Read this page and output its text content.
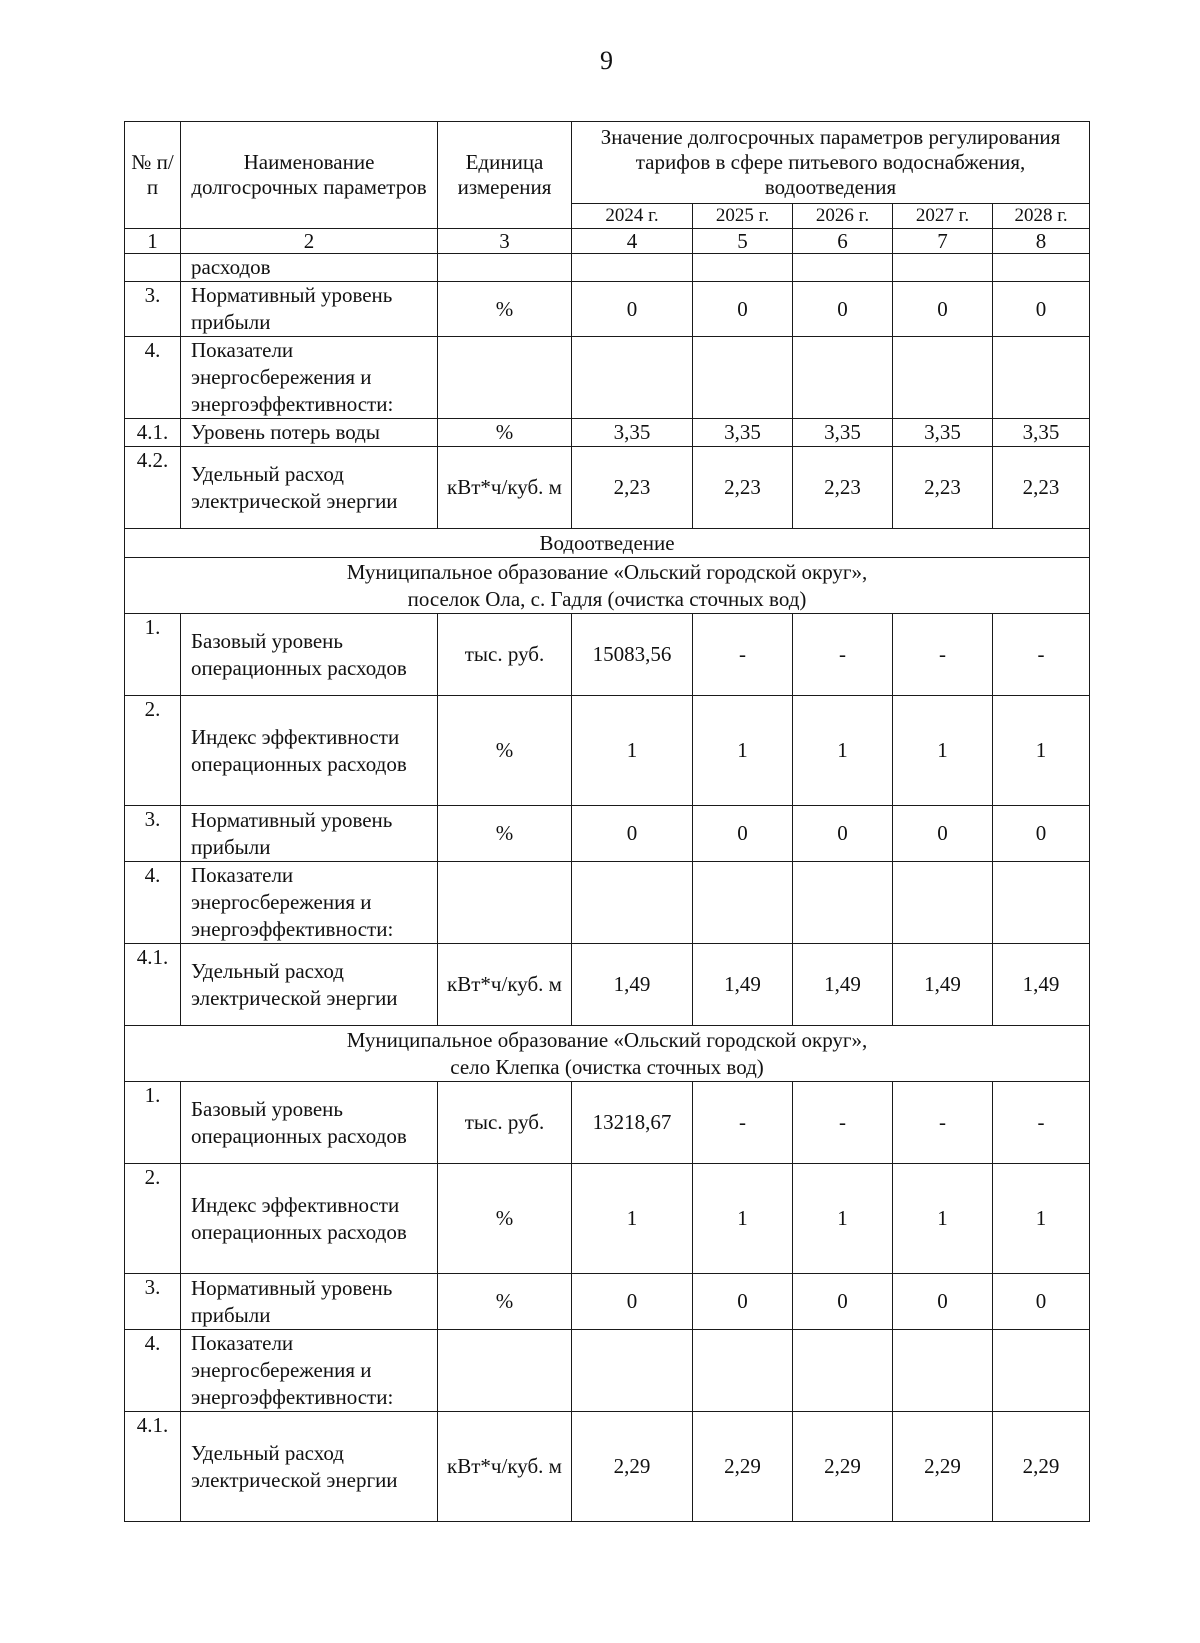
9
№ п/п	Наименование долгосрочных параметров	Единица измерения	Значение долгосрочных параметров регулирования тарифов в сфере питьевого водоснабжения, водоотведения				
			2024 г.	2025 г.	2026 г.	2027 г.	2028 г.
1	2	3	4	5	6	7	8
	расходов						
3.	Нормативный уровень прибыли	%	0	0	0	0	0
4.	Показатели энергосбережения и энергоэффективности:						
4.1.	Уровень потерь воды	%	3,35	3,35	3,35	3,35	3,35
4.2.	Удельный расход электрической энергии	кВт*ч/куб. м	2,23	2,23	2,23	2,23	2,23

Водоотведение							

Муниципальное образование «Ольский городской округ»,
поселок Ола, с. Гадля (очистка сточных вод)							

1.	Базовый уровень операционных расходов	тыс. руб.	15083,56	-	-	-	-
2.	Индекс эффективности операционных расходов	%	1	1	1	1	1
3.	Нормативный уровень прибыли	%	0	0	0	0	0
4.	Показатели энергосбережения и энергоэффективности:						
4.1.	Удельный расход электрической энергии	кВт*ч/куб. м	1,49	1,49	1,49	1,49	1,49

Муниципальное образование «Ольский городской округ»,
село Клепка (очистка сточных вод)							

1.	Базовый уровень операционных расходов	тыс. руб.	13218,67	-	-	-	-
2.	Индекс эффективности операционных расходов	%	1	1	1	1	1
3.	Нормативный уровень прибыли	%	0	0	0	0	0
4.	Показатели энергосбережения и энергоэффективности:						
4.1.	Удельный расход электрической энергии	кВт*ч/куб. м	2,29	2,29	2,29	2,29	2,29
